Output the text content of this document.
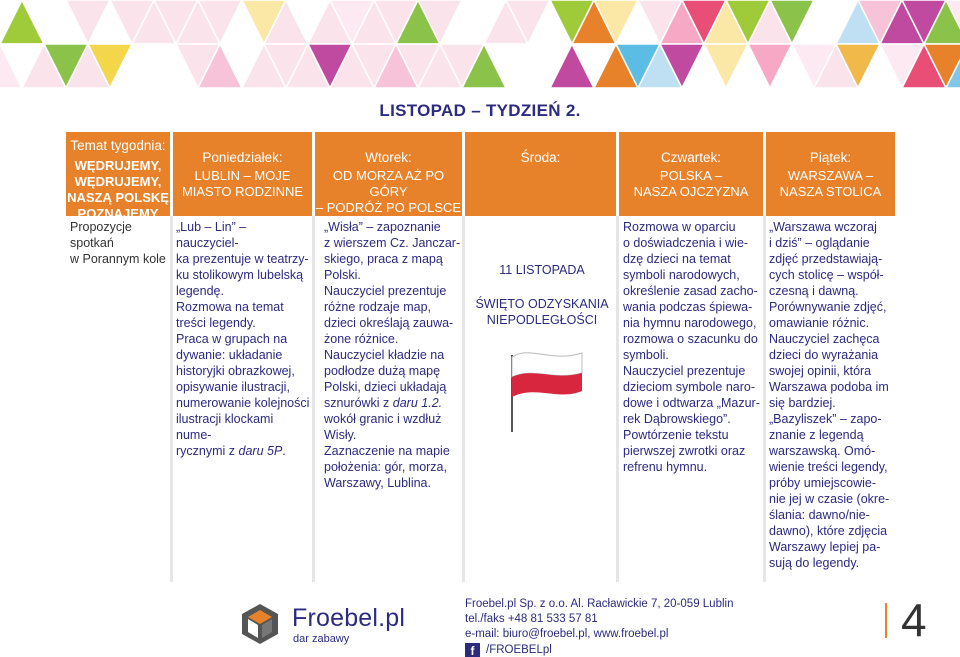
LISTOPAD – TYDZIEŃ 2.
Temat tygodnia:
WĘDRUJEMY,
WĘDRUJEMY,
NASZĄ POLSKĘ
POZNAJEMY
Poniedziałek:
LUBLIN – MOJE
MIASTO RODZINNE
Wtorek:
OD MORZA AŻ PO GÓRY
– PODRÓŻ PO POLSCE
Środa:	Czwartek:
POLSKA –
NASZA OJCZYZNA
Piątek:
WARSZAWA –
NASZA STOLICA

Propozycje

spotkań

w Porannym kole

„Lub – Lin” – nauczyciel-

ka prezentuje w teatrzy-

ku stolikowym lubelską

legendę.

Rozmowa na temat

treści legendy.

Praca w grupach na

dywanie: układanie

historyjki obrazkowej,

opisywanie ilustracji,

numerowanie kolejności

ilustracji klockami nume-

rycznymi z daru 5P.

„Wisła” – zapoznanie

z wierszem Cz. Janczar-

skiego, praca z mapą

Polski.

Nauczyciel prezentuje

różne rodzaje map,

dzieci określają zauwa-

żone różnice.

Nauczyciel kładzie na

podłodze dużą mapę

Polski, dzieci układają

sznurówki z daru 1.2.

wokół granic i wzdłuż

Wisły.

Zaznaczenie na mapie

położenia: gór, morza,

Warszawy, Lublina.

Rozmowa w oparciu

o doświadczenia i wie-

dzę dzieci na temat

symboli narodowych,

określenie zasad zacho-

wania podczas śpiewa-

nia hymnu narodowego,

rozmowa o szacunku do

symboli.

Nauczyciel prezentuje

dzieciom symbole naro-

dowe i odtwarza „Mazur-

rek Dąbrowskiego”.

Powtórzenie tekstu

pierwszej zwrotki oraz

refrenu hymnu.

„Warszawa wczoraj

i dziś” – oglądanie

zdjęć przedstawiają-

cych stolicę – współ-

czesną i dawną.

Porównywanie zdjęć,

omawianie różnic.

Nauczyciel zachęca

dzieci do wyrażania

swojej opinii, która

Warszawa podoba im

się bardziej.

„Bazyliszek” – zapo-

znanie z legendą

warszawską. Omó-

wienie treści legendy,

próby umiejscowie-

nie jej w czasie (okre-

ślania: dawno/nie-

dawno), które zdjęcia

Warszawy lepiej pa-

sują do legendy.

11 LISTOPADA
ŚWIĘTO ODZYSKANIA
NIEPODLEGŁOŚCI
Froebel.pl
dar zabawy
Froebel.pl Sp. z o.o. Al. Racławickie 7, 20-059 Lublin
tel./faks +48 81 533 57 81
e-mail: biuro@froebel.pl, www.froebel.pl
f	/FROEBELpl
4
